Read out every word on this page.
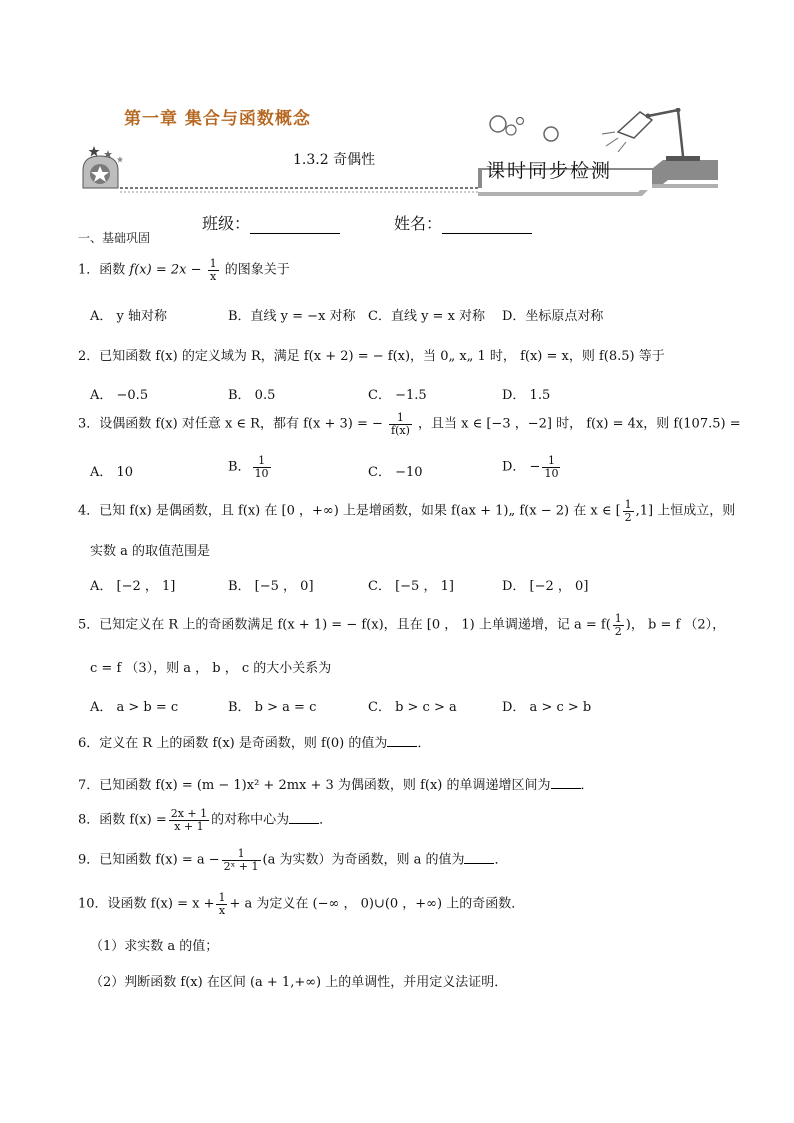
第一章 集合与函数概念
1.3.2 奇偶性	课时同步检测
班级：	姓名：
一、基础巩固
1．函数 $f(x) = 2x - \frac{1}{x}$ 的图象关于
A． y 轴对称	B．直线 y = −x 对称 C．直线 y = x 对称 D．坐标原点对称
2．已知函数 f(x) 的定义域为 R，满足 f(x + 2) = − f(x)，当 0„ x„ 1 时， f(x) = x，则 f(8.5) 等于
A． −0.5	B． 0.5	C． −1.5	D． 1.5
3．设偶函数 f(x) 对任意 x ∈ R，都有 f(x + 3) = − $\frac{1}{f(x)}$ ，且当 x ∈ [−3 ，−2] 时， f(x) = 4x，则 f(107.5) =
A． 10	B． $\frac{1}{10}$	C． −10	D． − $\frac{1}{10}$
4．已知 f(x) 是偶函数，且 f(x) 在 [0 ，+∞) 上是增函数，如果 f(ax + 1)„ f(x − 2) 在 x ∈ [ $\frac{1}{2} ,1$] 上恒成立，则
实数 a 的取值范围是
A． [−2 ， 1]	B． [−5 ， 0]	C． [−5 ， 1]	D． [−2 ， 0]
5．已知定义在 R 上的奇函数满足 f(x + 1) = − f(x)，且在 [0 ， 1) 上单调递增，记 $a = f( \frac{1}{2}$ )， b = f （2），
c = f （3），则 a ， b ， c 的大小关系为
A． a > b = c	B． b > a = c	C． b > c > a	D． a > c > b
6．定义在 R 上的函数 f(x) 是奇函数，则 f(0) 的值为 ．
7．已知函数 f(x) = (m − 1)x² + 2mx + 3 为偶函数，则 f(x) 的单调递增区间为 ．
8．函数 $f(x) = \frac{2x + 1}{x + 1}$ 的对称中心为 ．
9．已知函数 $f(x) = a - \frac{1}{\text{2ˣ + 1}} (a$ 为实数）为奇函数，则 a 的值为 ．
10．设函数 $f(x) = x + \frac{1}{x} + a$ 为定义在 (−∞ ， 0)∪(0 ，+∞) 上的奇函数．
（1）求实数 a 的值；
（2）判断函数 f(x) 在区间 (a + 1,+∞) 上的单调性，并用定义法证明．
